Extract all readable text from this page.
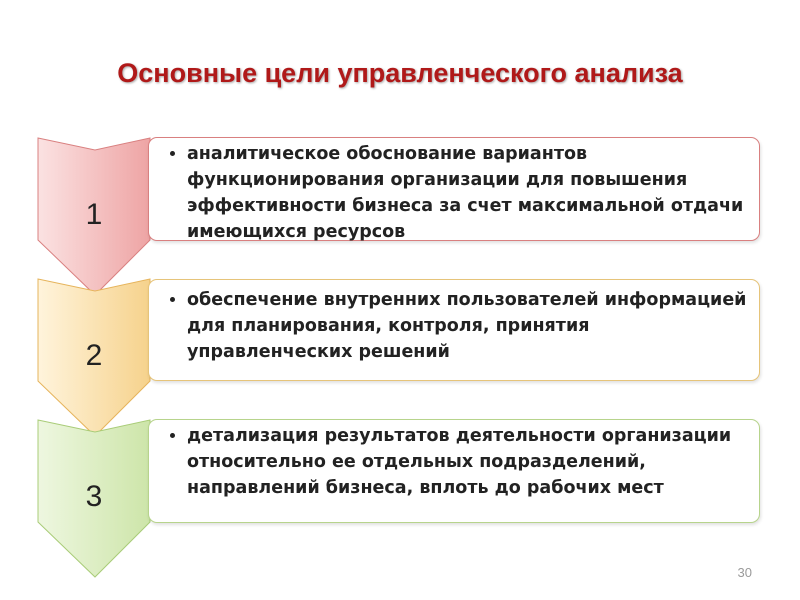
Основные цели управленческого анализа
1
2
3
• аналитическое обоснование вариантов функционирования организации для повышения эффективности бизнеса за счет максимальной отдачи имеющихся ресурсов
• обеспечение внутренних пользователей информацией для планирования, контроля, принятия управленческих решений
• детализация результатов деятельности организации относительно ее отдельных подразделений, направлений бизнеса, вплоть до рабочих мест
30
